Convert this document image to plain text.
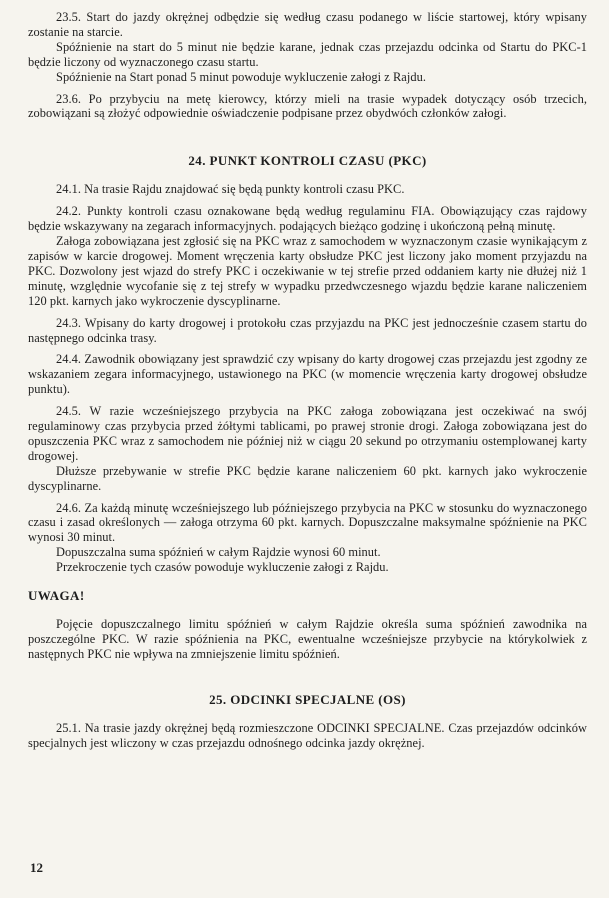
23.5. Start do jazdy okrężnej odbędzie się według czasu podanego w liście startowej, który wpisany zostanie na starcie.

Spóźnienie na start do 5 minut nie będzie karane, jednak czas przejazdu odcinka od Startu do PKC-1 będzie liczony od wyznaczonego czasu startu.

Spóźnienie na Start ponad 5 minut powoduje wykluczenie załogi z Rajdu.

23.6. Po przybyciu na metę kierowcy, którzy mieli na trasie wypadek dotyczący osób trzecich, zobowiązani są złożyć odpowiednie oświadczenie podpisane przez obydwóch członków załogi.

24. PUNKT KONTROLI CZASU (PKC)

24.1. Na trasie Rajdu znajdować się będą punkty kontroli czasu PKC.

24.2. Punkty kontroli czasu oznakowane będą według regulaminu FIA. Obowiązujący czas rajdowy będzie wskazywany na zegarach informacyjnych. podających bieżąco godzinę i ukończoną pełną minutę.

Załoga zobowiązana jest zgłosić się na PKC wraz z samochodem w wyznaczonym czasie wynikającym z zapisów w karcie drogowej. Moment wręczenia karty obsłudze PKC jest liczony jako moment przyjazdu na PKC. Dozwolony jest wjazd do strefy PKC i oczekiwanie w tej strefie przed oddaniem karty nie dłużej niż 1 minutę, względnie wycofanie się z tej strefy w wypadku przedwczesnego wjazdu będzie karane naliczeniem 120 pkt. karnych jako wykroczenie dyscyplinarne.

24.3. Wpisany do karty drogowej i protokołu czas przyjazdu na PKC jest jednocześnie czasem startu do następnego odcinka trasy.

24.4. Zawodnik obowiązany jest sprawdzić czy wpisany do karty drogowej czas przejazdu jest zgodny ze wskazaniem zegara informacyjnego, ustawionego na PKC (w momencie wręczenia karty drogowej obsłudze punktu).

24.5. W razie wcześniejszego przybycia na PKC załoga zobowiązana jest oczekiwać na swój regulaminowy czas przybycia przed żółtymi tablicami, po prawej stronie drogi. Załoga zobowiązana jest do opuszczenia PKC wraz z samochodem nie później niż w ciągu 20 sekund po otrzymaniu ostemplowanej karty drogowej.

Dłuższe przebywanie w strefie PKC będzie karane naliczeniem 60 pkt. karnych jako wykroczenie dyscyplinarne.

24.6. Za każdą minutę wcześniejszego lub późniejszego przybycia na PKC w stosunku do wyznaczonego czasu i zasad określonych — załoga otrzyma 60 pkt. karnych. Dopuszczalne maksymalne spóźnienie na PKC wynosi 30 minut.

Dopuszczalna suma spóźnień w całym Rajdzie wynosi 60 minut.

Przekroczenie tych czasów powoduje wykluczenie załogi z Rajdu.

UWAGA!

Pojęcie dopuszczalnego limitu spóźnień w całym Rajdzie określa suma spóźnień zawodnika na poszczególne PKC. W razie spóźnienia na PKC, ewentualne wcześniejsze przybycie na którykolwiek z następnych PKC nie wpływa na zmniejszenie limitu spóźnień.

25. ODCINKI SPECJALNE (OS)

25.1. Na trasie jazdy okrężnej będą rozmieszczone ODCINKI SPECJALNE. Czas przejazdów odcinków specjalnych jest wliczony w czas przejazdu odnośnego odcinka jazdy okrężnej.

12
